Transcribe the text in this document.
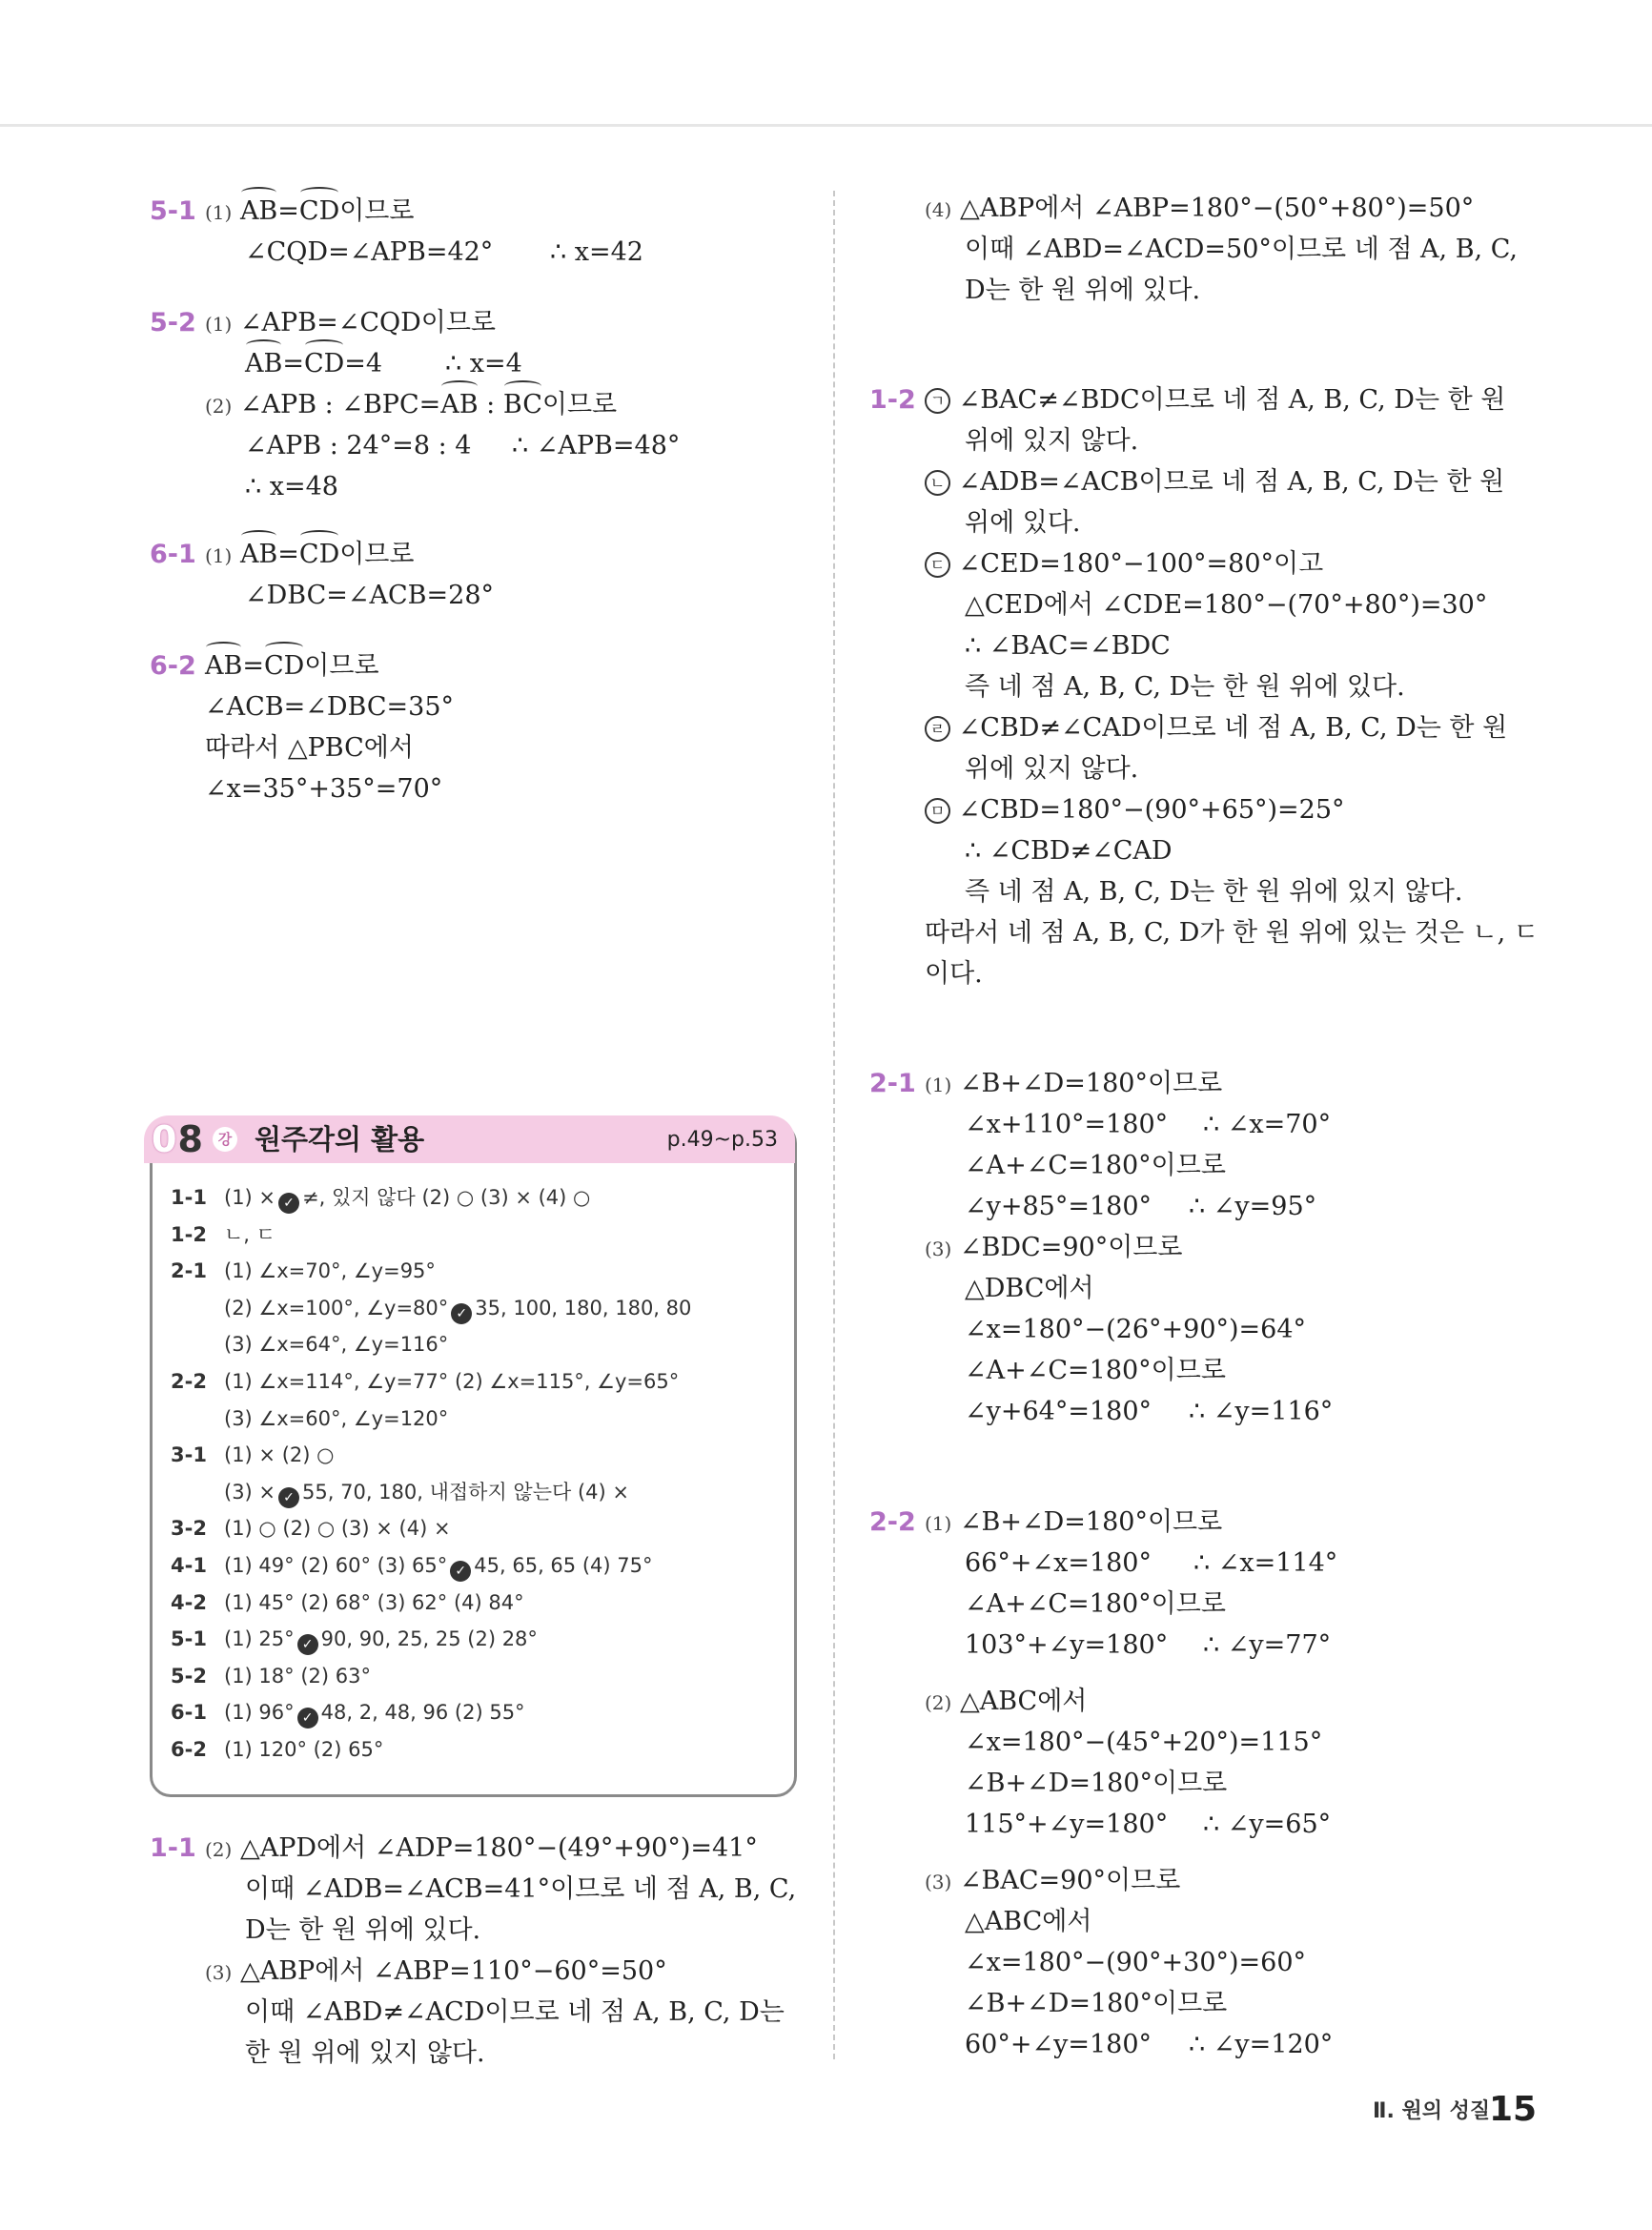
5-1 (1) AB=CD이므로
∠CQD=∠APB=42° ∴ x=42
5-2 (1) ∠APB=∠CQD이므로
AB=CD=4 ∴ x=4
(2) ∠APB : ∠BPC=AB : BC이므로
∠APB : 24°=8 : 4 ∴ ∠APB=48°
∴ x=48
6-1 (1) AB=CD이므로
∠DBC=∠ACB=28°
6-2 AB=CD이므로
∠ACB=∠DBC=35°
따라서 △PBC에서
∠x=35°+35°=70°
08 강 원주각의 활용	p.49~p.53
1-1 (1) × ✓ ≠, 있지 않다 (2) ○ (3) × (4) ○
1-2 ㄴ, ㄷ
2-1 (1) ∠x=70°, ∠y=95°
(2) ∠x=100°, ∠y=80° ✓ 35, 100, 180, 180, 80
(3) ∠x=64°, ∠y=116°
2-2 (1) ∠x=114°, ∠y=77° (2) ∠x=115°, ∠y=65°
(3) ∠x=60°, ∠y=120°
3-1 (1) × (2) ○
(3) × ✓ 55, 70, 180, 내접하지 않는다 (4) ×
3-2 (1) ○ (2) ○ (3) × (4) ×
4-1 (1) 49° (2) 60° (3) 65° ✓ 45, 65, 65 (4) 75°
4-2 (1) 45° (2) 68° (3) 62° (4) 84°
5-1 (1) 25° ✓ 90, 90, 25, 25 (2) 28°
5-2 (1) 18° (2) 63°
6-1 (1) 96° ✓ 48, 2, 48, 96 (2) 55°
6-2 (1) 120° (2) 65°
1-1 (2) △APD에서 ∠ADP=180°−(49°+90°)=41°
이때 ∠ADB=∠ACB=41°이므로 네 점 A, B, C,
D는 한 원 위에 있다.
(3) △ABP에서 ∠ABP=110°−60°=50°
이때 ∠ABD≠∠ACD이므로 네 점 A, B, C, D는
한 원 위에 있지 않다.
(4) △ABP에서 ∠ABP=180°−(50°+80°)=50°
이때 ∠ABD=∠ACD=50°이므로 네 점 A, B, C,
D는 한 원 위에 있다.
1-2 ㄱ ∠BAC≠∠BDC이므로 네 점 A, B, C, D는 한 원
위에 있지 않다.
ㄴ ∠ADB=∠ACB이므로 네 점 A, B, C, D는 한 원
위에 있다.
ㄷ ∠CED=180°−100°=80°이고
△CED에서 ∠CDE=180°−(70°+80°)=30°
∴ ∠BAC=∠BDC
즉 네 점 A, B, C, D는 한 원 위에 있다.
ㄹ ∠CBD≠∠CAD이므로 네 점 A, B, C, D는 한 원
위에 있지 않다.
ㅁ ∠CBD=180°−(90°+65°)=25°
∴ ∠CBD≠∠CAD
즉 네 점 A, B, C, D는 한 원 위에 있지 않다.
따라서 네 점 A, B, C, D가 한 원 위에 있는 것은 ㄴ, ㄷ
이다.
2-1 (1) ∠B+∠D=180°이므로
∠x+110°=180° ∴ ∠x=70°
∠A+∠C=180°이므로
∠y+85°=180° ∴ ∠y=95°
(3) ∠BDC=90°이므로
△DBC에서
∠x=180°−(26°+90°)=64°
∠A+∠C=180°이므로
∠y+64°=180° ∴ ∠y=116°
2-2 (1) ∠B+∠D=180°이므로
66°+∠x=180° ∴ ∠x=114°
∠A+∠C=180°이므로
103°+∠y=180° ∴ ∠y=77°
(2) △ABC에서
∠x=180°−(45°+20°)=115°
∠B+∠D=180°이므로
115°+∠y=180° ∴ ∠y=65°
(3) ∠BAC=90°이므로
△ABC에서
∠x=180°−(90°+30°)=60°
∠B+∠D=180°이므로
60°+∠y=180° ∴ ∠y=120°
Ⅱ. 원의 성질
15
